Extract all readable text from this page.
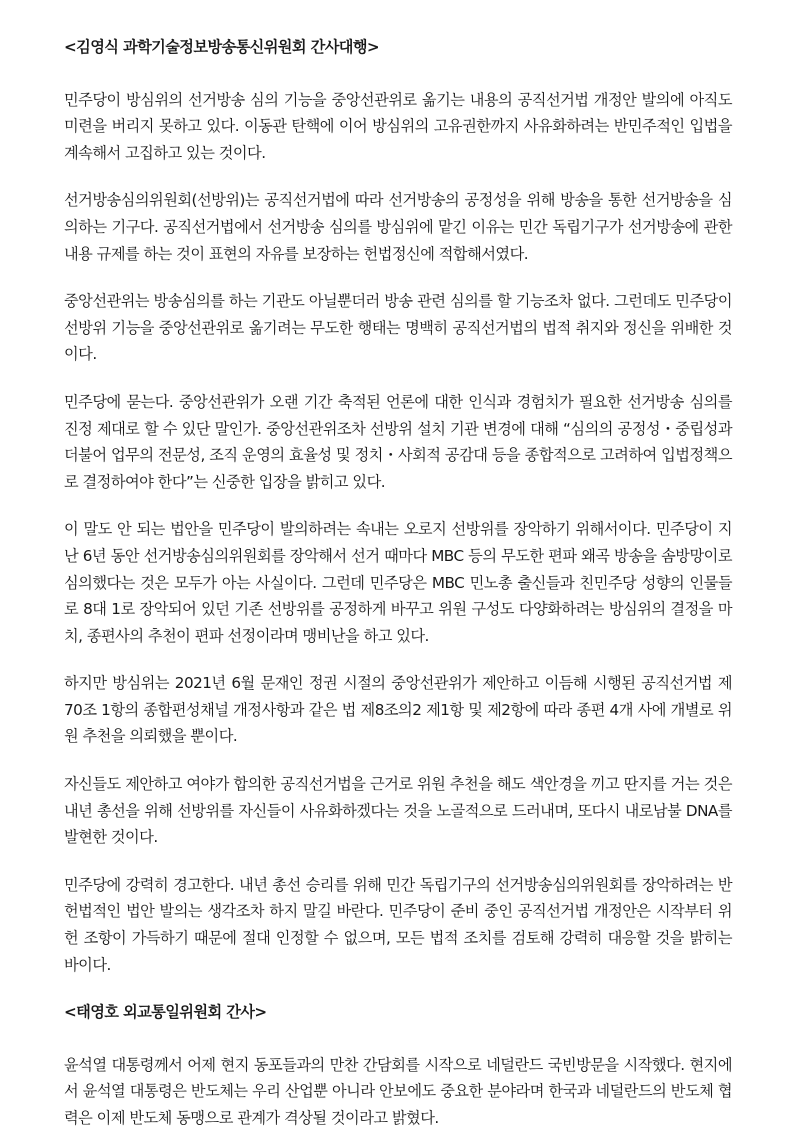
<김영식 과학기술정보방송통신위원회 간사대행>

민주당이 방심위의 선거방송 심의 기능을 중앙선관위로 옮기는 내용의 공직선거법 개정안 발의에 아직도 미련을 버리지 못하고 있다. 이동관 탄핵에 이어 방심위의 고유권한까지 사유화하려는 반민주적인 입법을 계속해서 고집하고 있는 것이다.

선거방송심의위원회(선방위)는 공직선거법에 따라 선거방송의 공정성을 위해 방송을 통한 선거방송을 심의하는 기구다. 공직선거법에서 선거방송 심의를 방심위에 맡긴 이유는 민간 독립기구가 선거방송에 관한 내용 규제를 하는 것이 표현의 자유를 보장하는 헌법정신에 적합해서였다.

중앙선관위는 방송심의를 하는 기관도 아닐뿐더러 방송 관련 심의를 할 기능조차 없다. 그런데도 민주당이 선방위 기능을 중앙선관위로 옮기려는 무도한 행태는 명백히 공직선거법의 법적 취지와 정신을 위배한 것이다.

민주당에 묻는다. 중앙선관위가 오랜 기간 축적된 언론에 대한 인식과 경험치가 필요한 선거방송 심의를 진정 제대로 할 수 있단 말인가. 중앙선관위조차 선방위 설치 기관 변경에 대해 “심의의 공정성・중립성과 더불어 업무의 전문성, 조직 운영의 효율성 및 정치・사회적 공감대 등을 종합적으로 고려하여 입법정책으로 결정하여야 한다”는 신중한 입장을 밝히고 있다.

이 말도 안 되는 법안을 민주당이 발의하려는 속내는 오로지 선방위를 장악하기 위해서이다. 민주당이 지난 6년 동안 선거방송심의위원회를 장악해서 선거 때마다 MBC 등의 무도한 편파 왜곡 방송을 솜방망이로 심의했다는 것은 모두가 아는 사실이다. 그런데 민주당은 MBC 민노총 출신들과 친민주당 성향의 인물들로 8대 1로 장악되어 있던 기존 선방위를 공정하게 바꾸고 위원 구성도 다양화하려는 방심위의 결정을 마치, 종편사의 추천이 편파 선정이라며 맹비난을 하고 있다.

하지만 방심위는 2021년 6월 문재인 정권 시절의 중앙선관위가 제안하고 이듬해 시행된 공직선거법 제70조 1항의 종합편성채널 개정사항과 같은 법 제8조의2 제1항 및 제2항에 따라 종편 4개 사에 개별로 위원 추천을 의뢰했을 뿐이다.

자신들도 제안하고 여야가 합의한 공직선거법을 근거로 위원 추천을 해도 색안경을 끼고 딴지를 거는 것은 내년 총선을 위해 선방위를 자신들이 사유화하겠다는 것을 노골적으로 드러내며, 또다시 내로남불 DNA를 발현한 것이다.

민주당에 강력히 경고한다. 내년 총선 승리를 위해 민간 독립기구의 선거방송심의위원회를 장악하려는 반헌법적인 법안 발의는 생각조차 하지 말길 바란다. 민주당이 준비 중인 공직선거법 개정안은 시작부터 위헌 조항이 가득하기 때문에 절대 인정할 수 없으며, 모든 법적 조치를 검토해 강력히 대응할 것을 밝히는 바이다.

<태영호 외교통일위원회 간사>

윤석열 대통령께서 어제 현지 동포들과의 만찬 간담회를 시작으로 네덜란드 국빈방문을 시작했다. 현지에서 윤석열 대통령은 반도체는 우리 산업뿐 아니라 안보에도 중요한 분야라며 한국과 네덜란드의 반도체 협력은 이제 반도체 동맹으로 관계가 격상될 것이라고 밝혔다.
